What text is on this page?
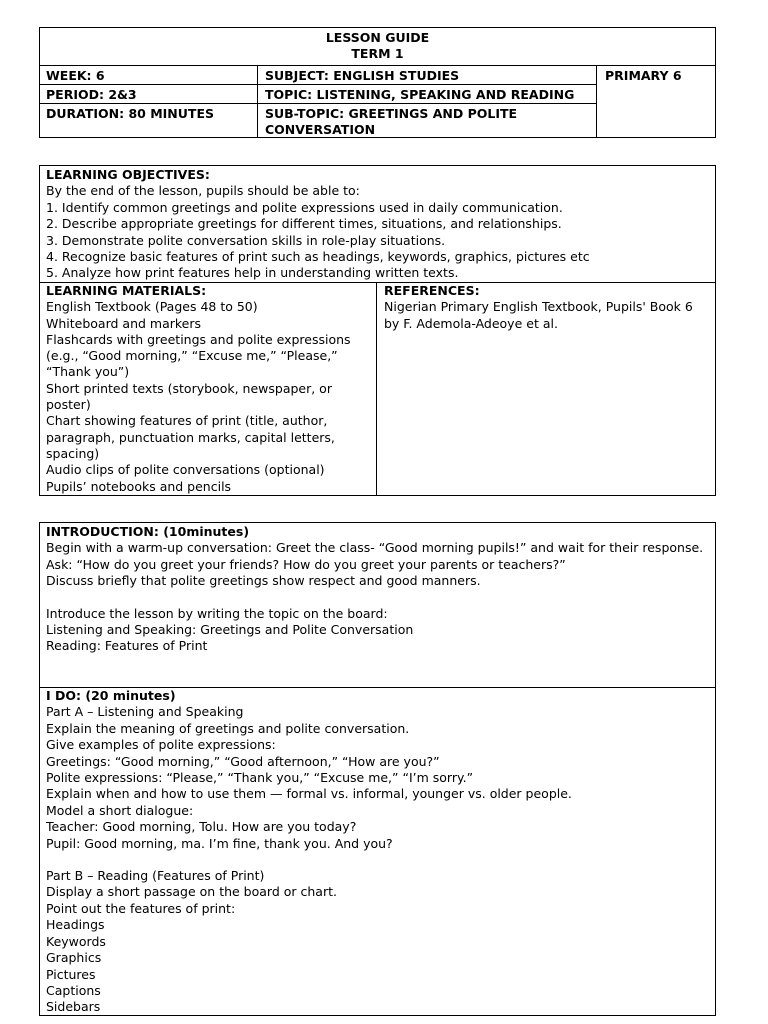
LESSON GUIDE
TERM 1
WEEK: 6	SUBJECT: ENGLISH STUDIES
PERIOD: 2&3	TOPIC: LISTENING, SPEAKING AND READING
DURATION: 80 MINUTES	SUB-TOPIC: GREETINGS AND POLITE CONVERSATION
PRIMARY 6
LEARNING OBJECTIVES:
By the end of the lesson, pupils should be able to:
1. Identify common greetings and polite expressions used in daily communication.
2. Describe appropriate greetings for different times, situations, and relationships.
3. Demonstrate polite conversation skills in role-play situations.
4. Recognize basic features of print such as headings, keywords, graphics, pictures etc
5. Analyze how print features help in understanding written texts.
LEARNING MATERIALS:
English Textbook (Pages 48 to 50)
Whiteboard and markers
Flashcards with greetings and polite expressions (e.g., “Good morning,” “Excuse me,” “Please,” “Thank you”)
Short printed texts (storybook, newspaper, or poster)
Chart showing features of print (title, author, paragraph, punctuation marks, capital letters, spacing)
Audio clips of polite conversations (optional)
Pupils’ notebooks and pencils
REFERENCES:
Nigerian Primary English Textbook, Pupils' Book 6 by F. Ademola-Adeoye et al.
INTRODUCTION: (10minutes)
Begin with a warm-up conversation: Greet the class- “Good morning pupils!” and wait for their response.
Ask: “How do you greet your friends? How do you greet your parents or teachers?”
Discuss briefly that polite greetings show respect and good manners.
Introduce the lesson by writing the topic on the board:
Listening and Speaking: Greetings and Polite Conversation
Reading: Features of Print
I DO: (20 minutes)
Part A – Listening and Speaking
Explain the meaning of greetings and polite conversation.
Give examples of polite expressions:
Greetings: “Good morning,” “Good afternoon,” “How are you?”
Polite expressions: “Please,” “Thank you,” “Excuse me,” “I’m sorry.”
Explain when and how to use them — formal vs. informal, younger vs. older people.
Model a short dialogue:
Teacher: Good morning, Tolu. How are you today?
Pupil: Good morning, ma. I’m fine, thank you. And you?
Part B – Reading (Features of Print)
Display a short passage on the board or chart.
Point out the features of print:
Headings
Keywords
Graphics
Pictures
Captions
Sidebars
